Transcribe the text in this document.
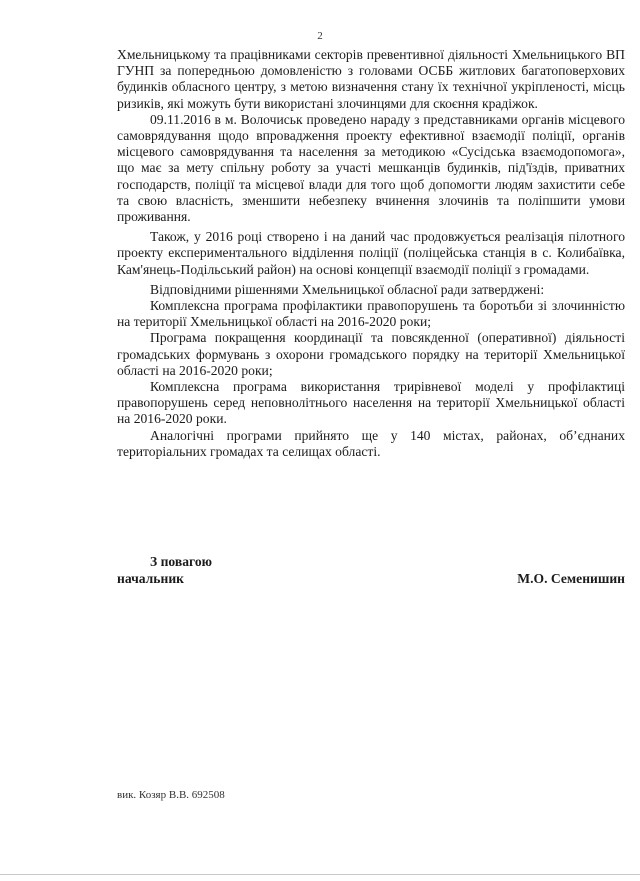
2

Хмельницькому та працівниками секторів превентивної діяльності Хмельницького ВП ГУНП за попередньою домовленістю з головами ОСББ житлових багатоповерхових будинків обласного центру, з метою визначення стану їх технічної укріпленості, місць ризиків, які можуть бути використані злочинцями для скоєння крадіжок.

09.11.2016 в м. Волочиськ проведено нараду з представниками органів місцевого самоврядування щодо впровадження проекту ефективної взаємодії поліції, органів місцевого самоврядування та населення за методикою «Сусідська взаємодопомога», що має за мету спільну роботу за участі мешканців будинків, під'їздів, приватних господарств, поліції та місцевої влади для того щоб допомогти людям захистити себе та свою власність, зменшити небезпеку вчинення злочинів та поліпшити умови проживання.

Також, у 2016 році створено і на даний час продовжується реалізація пілотного проекту експериментального відділення поліції (поліцейська станція в с. Колибаївка, Кам'янець-Подільський район) на основі концепції взаємодії поліції з громадами.

Відповідними рішеннями Хмельницької обласної ради затверджені:

Комплексна програма профілактики правопорушень та боротьби зі злочинністю на території Хмельницької області на 2016-2020 роки;

Програма покращення координації та повсякденної (оперативної) діяльності громадських формувань з охорони громадського порядку на території Хмельницької області на 2016-2020 роки;

Комплексна програма використання трирівневої моделі у профілактиці правопорушень серед неповнолітнього населення на території Хмельницької області на 2016-2020 роки.

Аналогічні програми прийнято ще у 140 містах, районах, об’єднаних територіальних громадах та селищах області.

З повагою
начальник	М.О. Семенишин
вик. Козяр В.В. 692508
